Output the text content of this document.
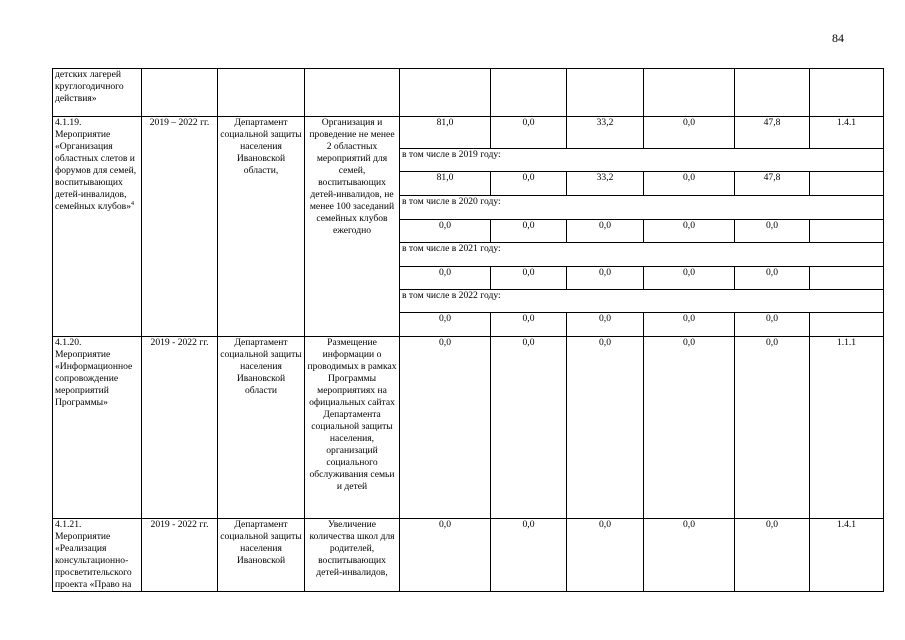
84
детских лагерей круглогодичного действия»									
4.1.19. Мероприятие «Организация областных слетов и форумов для семей, воспитывающих детей-инвалидов, семейных клубов»$^4$	2019 – 2022 гг.	Департамент социальной защиты населения Ивановской области,	Организация и проведение не менее 2 областных мероприятий для семей, воспитывающих детей-инвалидов, не менее 100 заседаний семейных клубов ежегодно	81,0	0,0	33,2	0,0	47,8	1.4.1
				в том числе в 2019 году:					
				81,0	0,0	33,2	0,0	47,8	
				в том числе в 2020 году:					
				0,0	0,0	0,0	0,0	0,0	
				в том числе в 2021 году:					
				0,0	0,0	0,0	0,0	0,0	
				в том числе в 2022 году:					
				0,0	0,0	0,0	0,0	0,0	
4.1.20. Мероприятие «Информационное сопровождение мероприятий Программы»	2019 - 2022 гг.	Департамент социальной защиты населения Ивановской области	Размещение информации о проводимых в рамках Программы мероприятиях на официальных сайтах Департамента социальной защиты населения, организаций социального обслуживания семьи и детей	0,0	0,0	0,0	0,0	0,0	1.1.1
4.1.21. Мероприятие «Реализация консультационно-просветительского проекта «Право на	2019 - 2022 гг.	Департамент социальной защиты населения Ивановской	Увеличение количества школ для родителей, воспитывающих детей-инвалидов,	0,0	0,0	0,0	0,0	0,0	1.4.1
